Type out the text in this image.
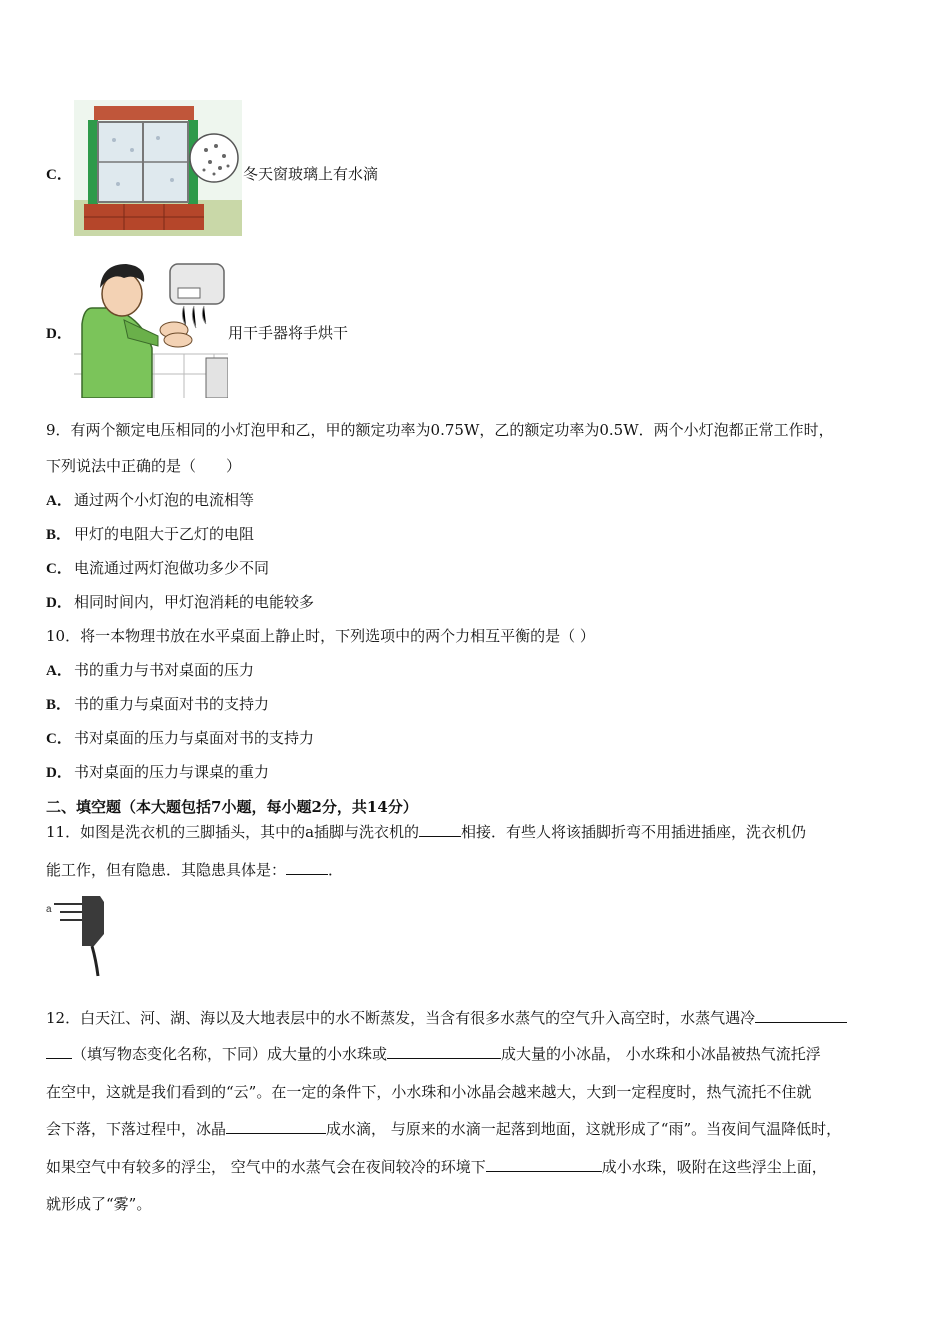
C．	冬天窗玻璃上有水滴
D．	用干手器将手烘干
9．有两个额定电压相同的小灯泡甲和乙，甲的额定功率为0.75W，乙的额定功率为0.5W．两个小灯泡都正常工作时，
下列说法中正确的是（　　）
A． 通过两个小灯泡的电流相等
B． 甲灯的电阻大于乙灯的电阻
C． 电流通过两灯泡做功多少不同
D． 相同时间内，甲灯泡消耗的电能较多
10．将一本物理书放在水平桌面上静止时，下列选项中的两个力相互平衡的是（ ）
A． 书的重力与书对桌面的压力
B． 书的重力与桌面对书的支持力
C． 书对桌面的压力与桌面对书的支持力
D． 书对桌面的压力与课桌的重力
二、填空题（本大题包括7小题，每小题2分，共14分）
11．如图是洗衣机的三脚插头，其中的a插脚与洗衣机的	相接．有些人将该插脚折弯不用插进插座，洗衣机仍
能工作，但有隐患．其隐患具体是：	．
a
12．白天江、河、湖、海以及大地表层中的水不断蒸发，当含有很多水蒸气的空气升入高空时，水蒸气遇冷
（填写物态变化名称，下同）成大量的小水珠或	成大量的小冰晶， 小水珠和小冰晶被热气流托浮
在空中，这就是我们看到的“云”。在一定的条件下，小水珠和小冰晶会越来越大，大到一定程度时，热气流托不住就
会下落，下落过程中，冰晶	成水滴， 与原来的水滴一起落到地面，这就形成了“雨”。当夜间气温降低时，
如果空气中有较多的浮尘， 空气中的水蒸气会在夜间较冷的环境下	成小水珠，吸附在这些浮尘上面，
就形成了“雾”。
